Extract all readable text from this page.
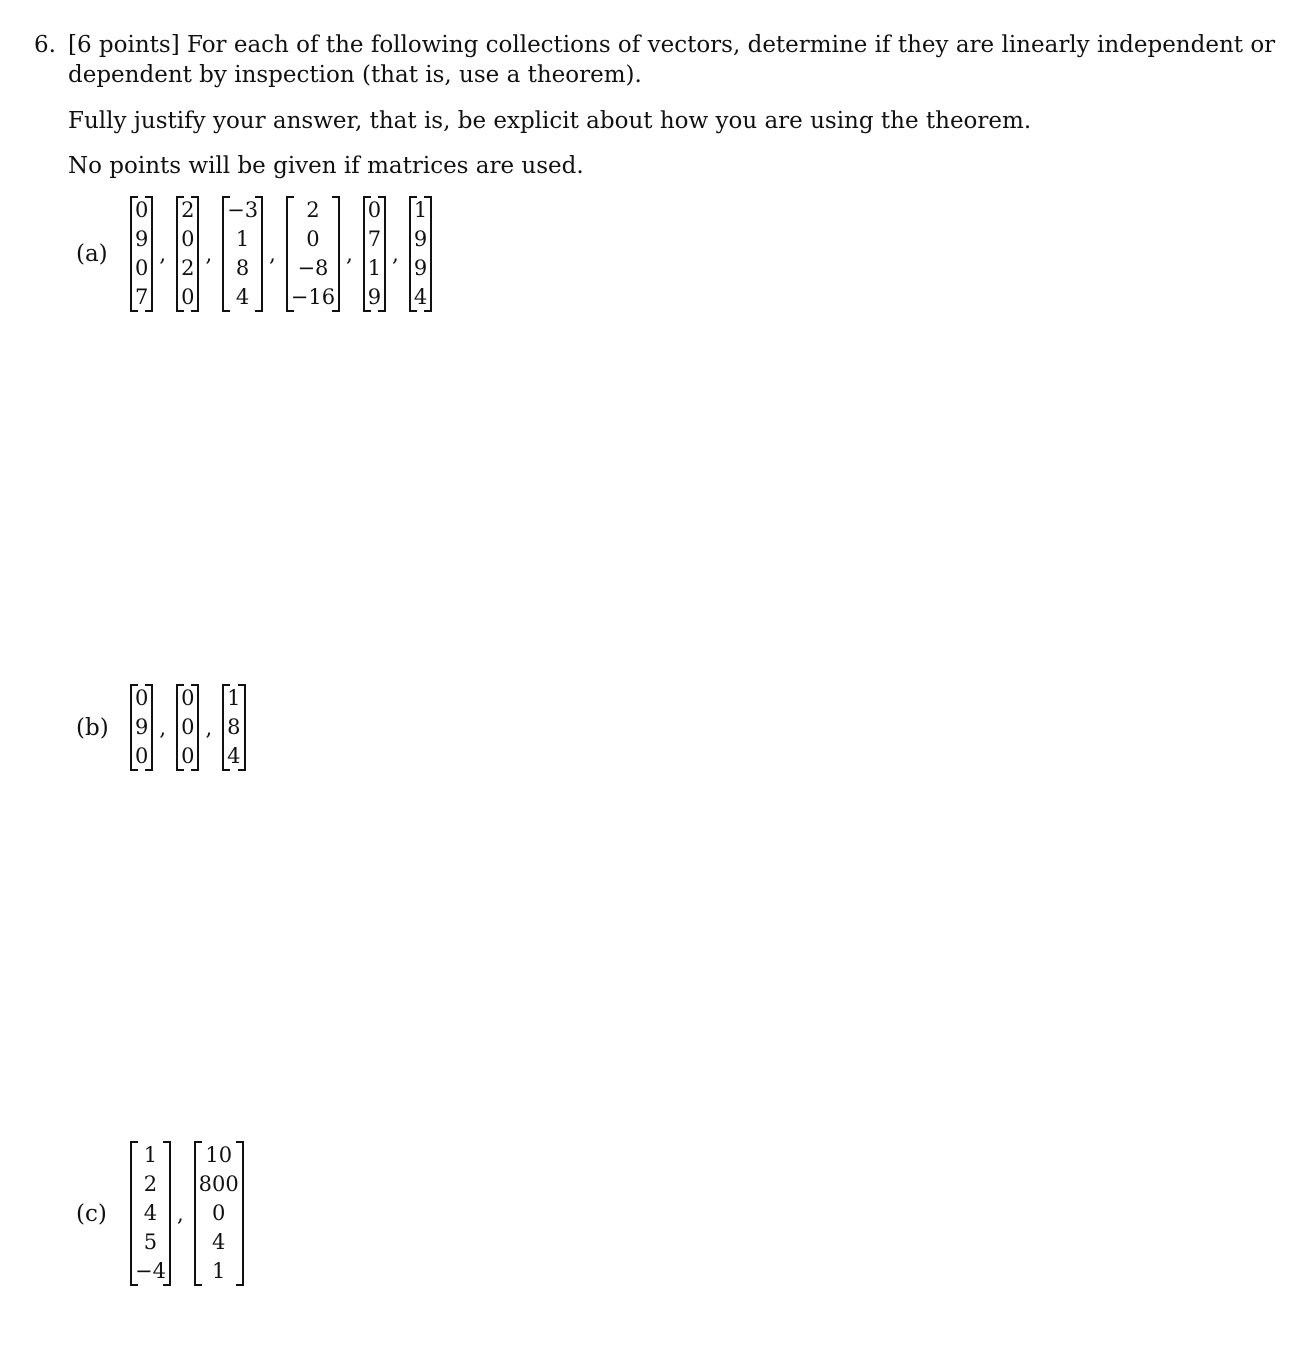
6. [6 points] For each of the following collections of vectors, determine if they are linearly independent or
dependent by inspection (that is, use a theorem).
Fully justify your answer, that is, be explicit about how you are using the theorem.
No points will be given if matrices are used.
(a)
0
9
0
7
,
2
0
2
0
,
−3
1
8
4
,
2
0
−8
−16
,
0
7
1
9
,
1
9
9
4
(b)
0
9
0
,
0
0
0
,
1
8
4
(c)
1
2
4
5
−4
,
10
800
0
4
1
